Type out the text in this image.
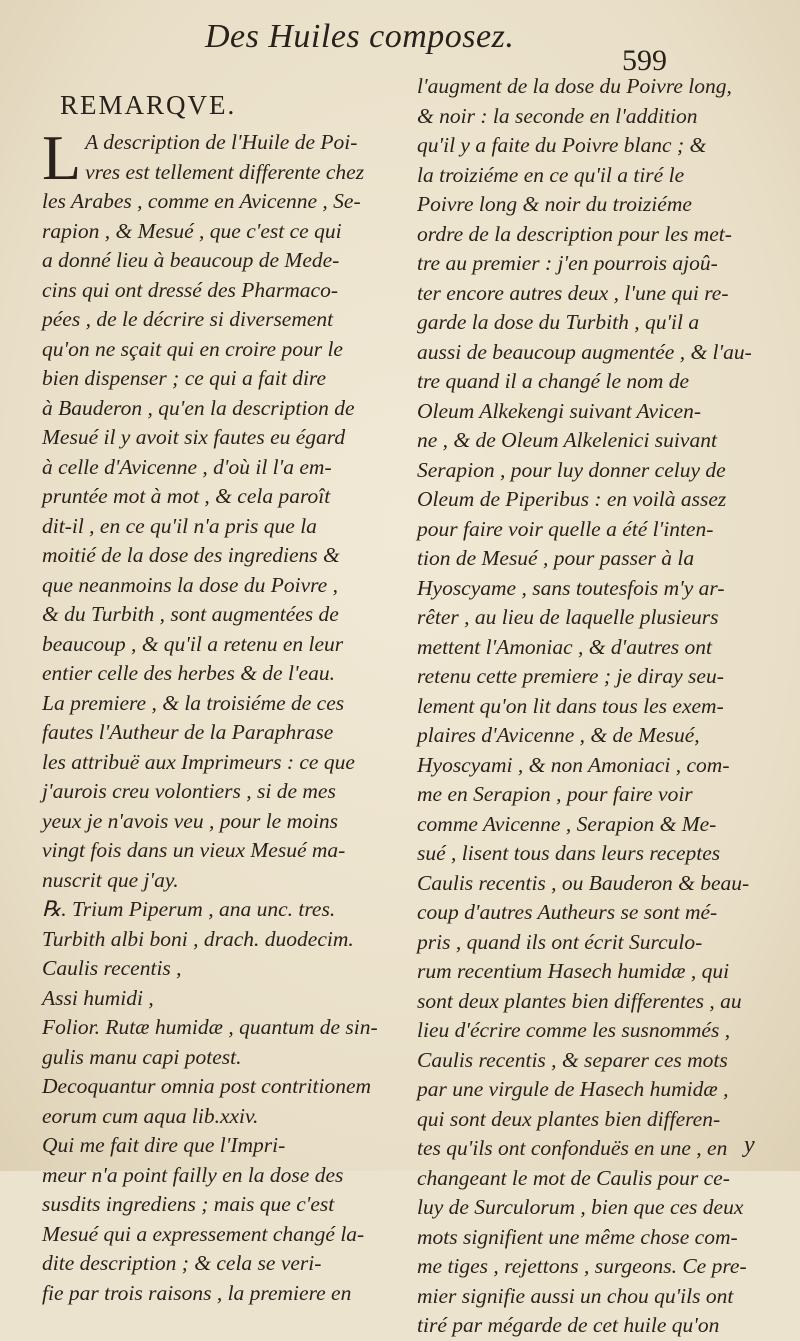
Des Huiles composez.
599
REMARQVE.
L A description de l'Huile de Poi-
vres est tellement differente chez
les Arabes , comme en Avicenne , Se-
rapion , & Mesué , que c'est ce qui
a donné lieu à beaucoup de Mede-
cins qui ont dressé des Pharmaco-
pées , de le décrire si diversement
qu'on ne sçait qui en croire pour le
bien dispenser ; ce qui a fait dire
à Bauderon , qu'en la description de
Mesué il y avoit six fautes eu égard
à celle d'Avicenne , d'où il l'a em-
pruntée mot à mot , & cela paroît
dit-il , en ce qu'il n'a pris que la
moitié de la dose des ingrediens &
que neanmoins la dose du Poivre ,
& du Turbith , sont augmentées de
beaucoup , & qu'il a retenu en leur
entier celle des herbes & de l'eau.
La premiere , & la troisiéme de ces
fautes l'Autheur de la Paraphrase
les attribuë aux Imprimeurs : ce que
j'aurois creu volontiers , si de mes
yeux je n'avois veu , pour le moins
vingt fois dans un vieux Mesué ma-
nuscrit que j'ay.
℞. Trium Piperum , ana unc. tres.
Turbith albi boni , drach. duodecim.
Caulis recentis ,
Assi humidi ,
Folior. Rutæ humidæ , quantum de sin-
gulis manu capi potest.
Decoquantur omnia post contritionem
eorum cum aqua lib.xxiv.
Qui me fait dire que l'Impri-
meur n'a point failly en la dose des
susdits ingrediens ; mais que c'est
Mesué qui a expressement changé la-
dite description ; & cela se veri-
fie par trois raisons , la premiere en
l'augment de la dose du Poivre long,
& noir : la seconde en l'addition
qu'il y a faite du Poivre blanc ; &
la troiziéme en ce qu'il a tiré le
Poivre long & noir du troiziéme
ordre de la description pour les met-
tre au premier : j'en pourrois ajoû-
ter encore autres deux , l'une qui re-
garde la dose du Turbith , qu'il a
aussi de beaucoup augmentée , & l'au-
tre quand il a changé le nom de
Oleum Alkekengi suivant Avicen-
ne , & de Oleum Alkelenici suivant
Serapion , pour luy donner celuy de
Oleum de Piperibus : en voilà assez
pour faire voir quelle a été l'inten-
tion de Mesué , pour passer à la
Hyoscyame , sans toutesfois m'y ar-
rêter , au lieu de laquelle plusieurs
mettent l'Amoniac , & d'autres ont
retenu cette premiere ; je diray seu-
lement qu'on lit dans tous les exem-
plaires d'Avicenne , & de Mesué,
Hyoscyami , & non Amoniaci , com-
me en Serapion , pour faire voir
comme Avicenne , Serapion & Me-
sué , lisent tous dans leurs receptes
Caulis recentis , ou Bauderon & beau-
coup d'autres Autheurs se sont mé-
pris , quand ils ont écrit Surculo-
rum recentium Hasech humidæ , qui
sont deux plantes bien differentes , au
lieu d'écrire comme les susnommés ,
Caulis recentis , & separer ces mots
par une virgule de Hasech humidæ ,
qui sont deux plantes bien differen-
tes qu'ils ont confonduës en une , en
changeant le mot de Caulis pour ce-
luy de Surculorum , bien que ces deux
mots signifient une même chose com-
me tiges , rejettons , surgeons. Ce pre-
mier signifie aussi un chou qu'ils ont
tiré par mégarde de cet huile qu'on
y
